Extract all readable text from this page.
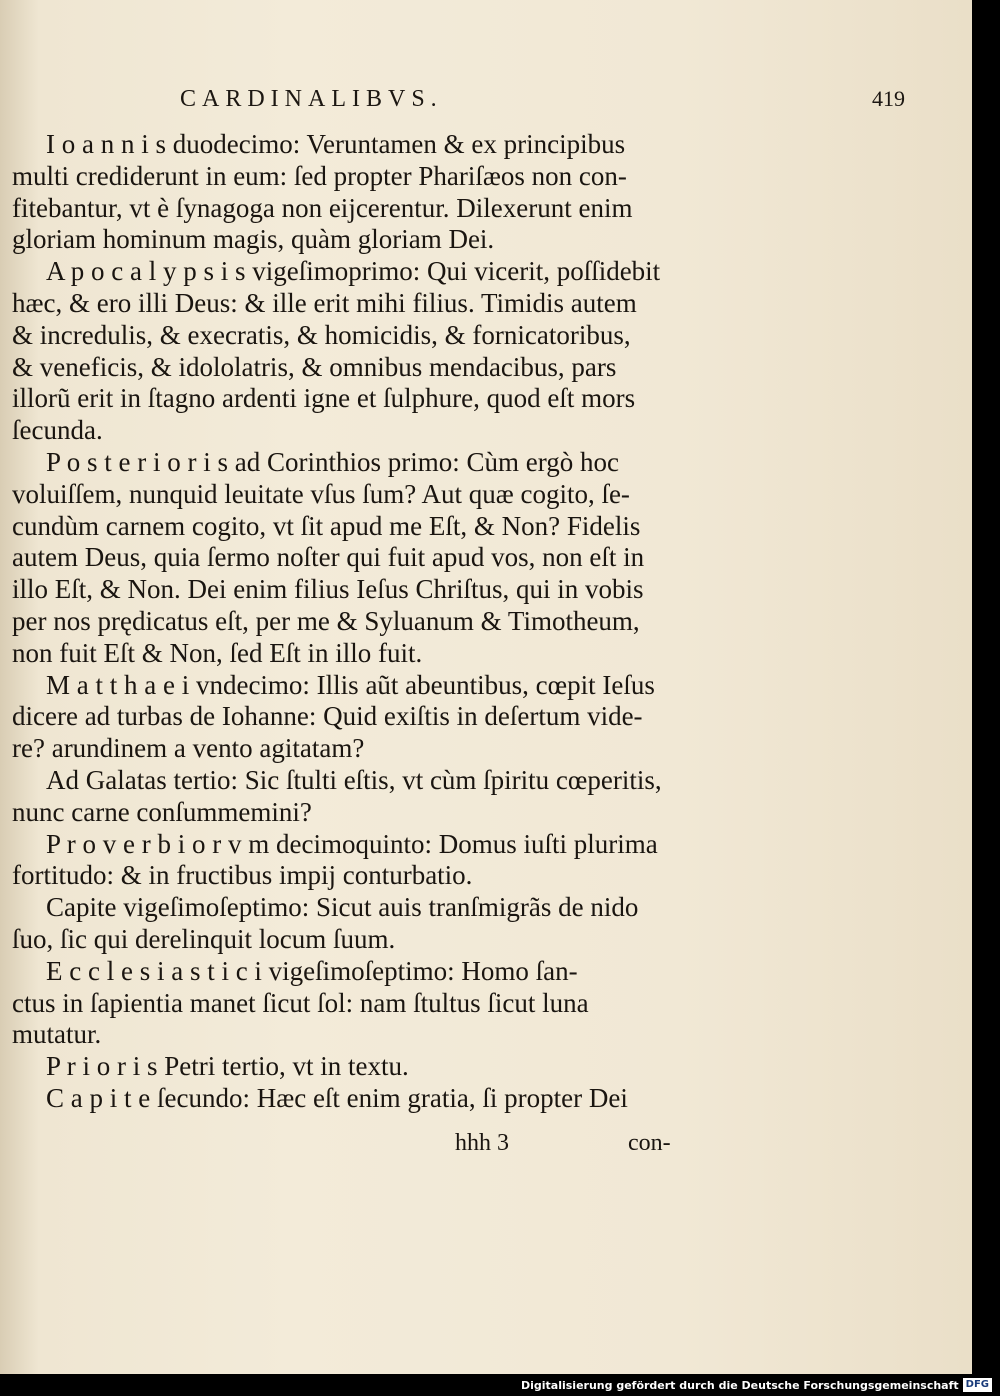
CARDINALIBVS.	419
I o a n n i s duodecimo: Veruntamen & ex principibus
multi crediderunt in eum: ſed propter Phariſæos non con-
fitebantur, vt è ſynagoga non eijcerentur. Dilexerunt enim
gloriam hominum magis, quàm gloriam Dei.
A p o c a l y p s i s vigeſimoprimo: Qui vicerit, poſſidebit
hæc, & ero illi Deus: & ille erit mihi filius. Timidis autem
& incredulis, & execratis, & homicidis, & fornicatoribus,
& veneficis, & idololatris, & omnibus mendacibus, pars
illorũ erit in ſtagno ardenti igne et ſulphure, quod eſt mors
ſecunda.
P o s t e r i o r i s ad Corinthios primo: Cùm ergò hoc
voluiſſem, nunquid leuitate vſus ſum? Aut quæ cogito, ſe-
cundùm carnem cogito, vt ſit apud me Eſt, & Non? Fidelis
autem Deus, quia ſermo noſter qui fuit apud vos, non eſt in
illo Eſt, & Non. Dei enim filius Ieſus Chriſtus, qui in vobis
per nos prędicatus eſt, per me & Syluanum & Timotheum,
non fuit Eſt & Non, ſed Eſt in illo fuit.
M a t t h a e i vndecimo: Illis aũt abeuntibus, cœpit Ieſus
dicere ad turbas de Iohanne: Quid exiſtis in deſertum vide-
re? arundinem a vento agitatam?
Ad Galatas tertio: Sic ſtulti eſtis, vt cùm ſpiritu cœperitis,
nunc carne conſummemini?
P r o v e r b i o r v m decimoquinto: Domus iuſti plurima
fortitudo: & in fructibus impij conturbatio.
Capite vigeſimoſeptimo: Sicut auis tranſmigrãs de nido
ſuo, ſic qui derelinquit locum ſuum.
E c c l e s i a s t i c i vigeſimoſeptimo: Homo ſan-
ctus in ſapientia manet ſicut ſol: nam ſtultus ſicut luna
mutatur.
P r i o r i s Petri tertio, vt in textu.
C a p i t e ſecundo: Hæc eſt enim gratia, ſi propter Dei
hhh 3	con-
Digitalisierung gefördert durch die Deutsche Forschungsgemeinschaft DFG
